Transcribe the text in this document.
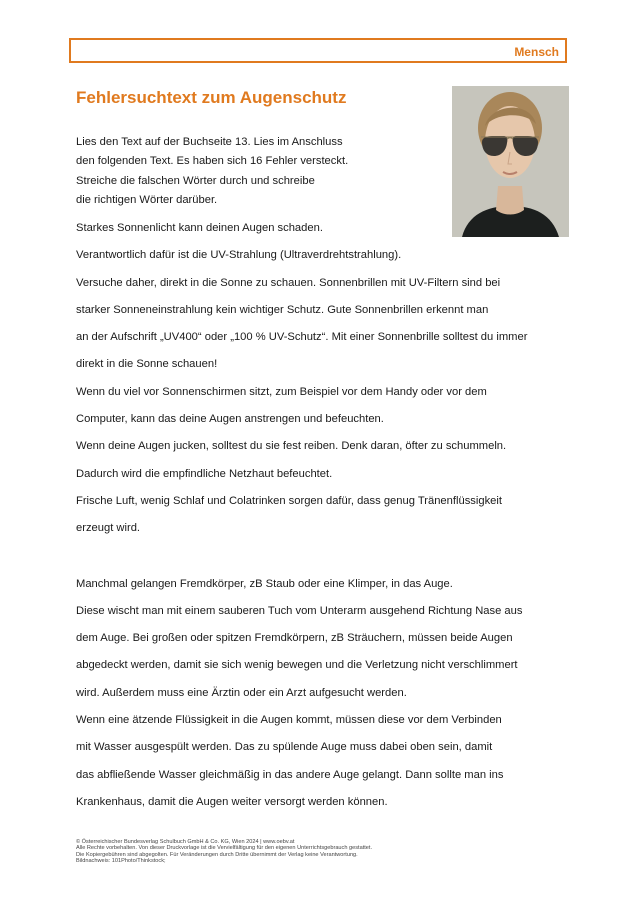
Mensch
Fehlersuchtext zum Augenschutz
Lies den Text auf der Buchseite 13. Lies im Anschluss
den folgenden Text. Es haben sich 16 Fehler versteckt.
Streiche die falschen Wörter durch und schreibe
die richtigen Wörter darüber.
Starkes Sonnenlicht kann deinen Augen schaden.
Verantwortlich dafür ist die UV-Strahlung (Ultraverdrehtstrahlung).
Versuche daher, direkt in die Sonne zu schauen. Sonnenbrillen mit UV-Filtern sind bei
starker Sonneneinstrahlung kein wichtiger Schutz. Gute Sonnenbrillen erkennt man
an der Aufschrift „UV400“ oder „100 % UV-Schutz“. Mit einer Sonnenbrille solltest du immer
direkt in die Sonne schauen!
Wenn du viel vor Sonnenschirmen sitzt, zum Beispiel vor dem Handy oder vor dem
Computer, kann das deine Augen anstrengen und befeuchten.
Wenn deine Augen jucken, solltest du sie fest reiben. Denk daran, öfter zu schummeln.
Dadurch wird die empfindliche Netzhaut befeuchtet.
Frische Luft, wenig Schlaf und Colatrinken sorgen dafür, dass genug Tränenflüssigkeit
erzeugt wird.
Manchmal gelangen Fremdkörper, zB Staub oder eine Klimper, in das Auge.
Diese wischt man mit einem sauberen Tuch vom Unterarm ausgehend Richtung Nase aus
dem Auge. Bei großen oder spitzen Fremdkörpern, zB Sträuchern, müssen beide Augen
abgedeckt werden, damit sie sich wenig bewegen und die Verletzung nicht verschlimmert
wird. Außerdem muss eine Ärztin oder ein Arzt aufgesucht werden.
Wenn eine ätzende Flüssigkeit in die Augen kommt, müssen diese vor dem Verbinden
mit Wasser ausgespült werden. Das zu spülende Auge muss dabei oben sein, damit
das abfließende Wasser gleichmäßig in das andere Auge gelangt. Dann sollte man ins
Krankenhaus, damit die Augen weiter versorgt werden können.
© Österreichischer Bundesverlag Schulbuch GmbH & Co. KG, Wien 2024 | www.oebv.at
Alle Rechte vorbehalten. Von dieser Druckvorlage ist die Vervielfältigung für den eigenen Unterrichtsgebrauch gestattet.
Die Kopiergebühren sind abgegolten. Für Veränderungen durch Dritte übernimmt der Verlag keine Verantwortung.
Bildnachweis: 101Photo/Thinkstock;
